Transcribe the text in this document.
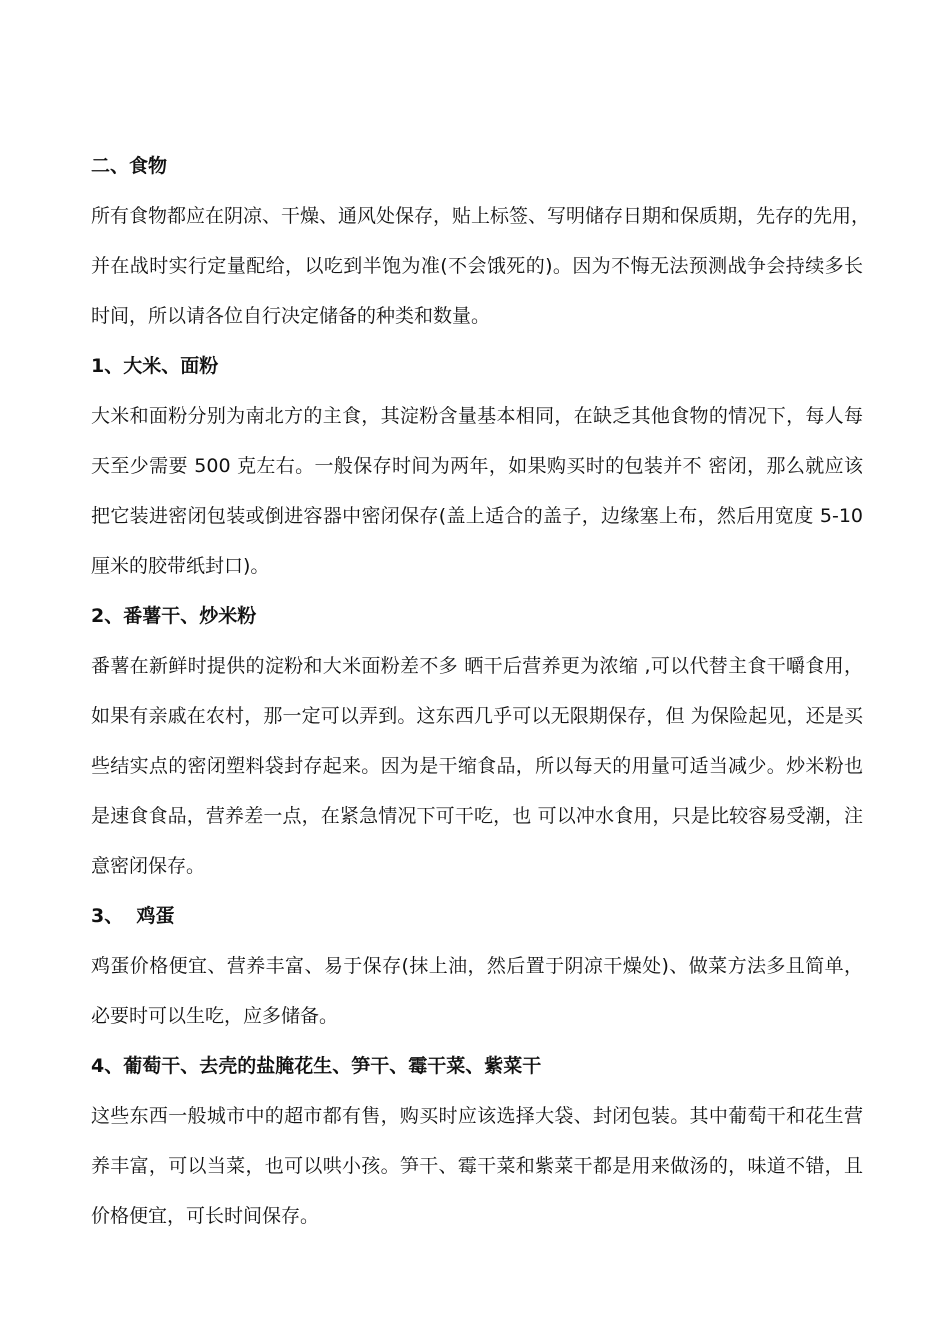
二、食物
所有食物都应在阴凉、干燥、通风处保存，贴上标签、写明储存日期和保质期，先存的先用，
并在战时实行定量配给，以吃到半饱为准(不会饿死的)。因为不悔无法预测战争会持续多长
时间，所以请各位自行决定储备的种类和数量。
1、大米、面粉
大米和面粉分别为南北方的主食，其淀粉含量基本相同，在缺乏其他食物的情况下，每人每
天至少需要 500 克左右。一般保存时间为两年，如果购买时的包装并不 密闭，那么就应该
把它装进密闭包装或倒进容器中密闭保存(盖上适合的盖子，边缘塞上布，然后用宽度 5-10
厘米的胶带纸封口)。
2、番薯干、炒米粉
番薯在新鲜时提供的淀粉和大米面粉差不多 晒干后营养更为浓缩 ,可以代替主食干嚼食用，
如果有亲戚在农村，那一定可以弄到。这东西几乎可以无限期保存，但 为保险起见，还是买
些结实点的密闭塑料袋封存起来。因为是干缩食品，所以每天的用量可适当减少。炒米粉也
是速食食品，营养差一点，在紧急情况下可干吃，也 可以冲水食用，只是比较容易受潮，注
意密闭保存。
3、  鸡蛋
鸡蛋价格便宜、营养丰富、易于保存(抹上油，然后置于阴凉干燥处)、做菜方法多且简单，
必要时可以生吃，应多储备。
4、葡萄干、去壳的盐腌花生、笋干、霉干菜、紫菜干
这些东西一般城市中的超市都有售，购买时应该选择大袋、封闭包装。其中葡萄干和花生营
养丰富，可以当菜，也可以哄小孩。笋干、霉干菜和紫菜干都是用来做汤的，味道不错，且
价格便宜，可长时间保存。
